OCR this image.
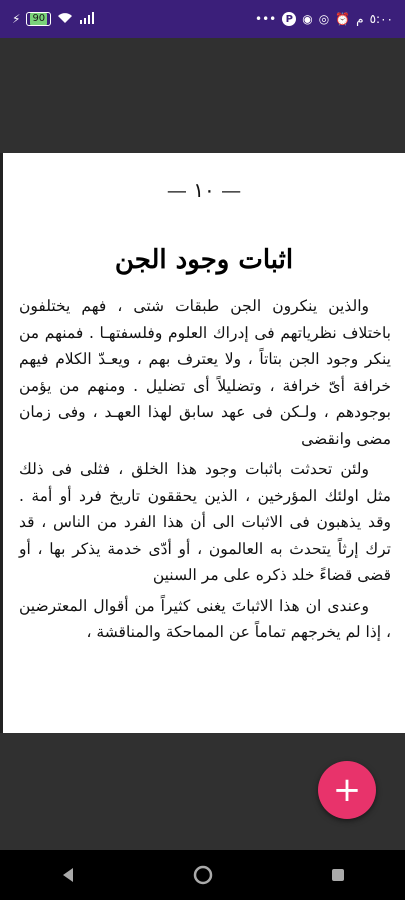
⚡ 90	••• P ◉ ◎ ⏰ م ٥:٠٠
— ١٠ —
اثبات وجود الجن

والذين ينكرون الجن طبقات شتى ، فهم يختلفون باختلاف نظرياتهم فى إدراك العلوم وفلسفتهـا . فمنهم من ينكر وجود الجن بتاتاً ، ولا يعترف بهم ، ويعـدّ الكلام فيهم خرافة أىّ خرافة ، وتضليلاً أى تضليل . ومنهم من يؤمن بوجودهم ، ولـكن فى عهد سابق لهذا العهـد ، وفى زمان مضى وانقضى

ولئن تحدثت باثبات وجود هذا الخلق ، فثلى فى ذلك مثل اولئك المؤرخين ، الذين يحققون تاريخ فرد أو أمة . وقد يذهبون فى الاثبات الى أن هذا الفرد من الناس ، قد ترك إرثاً يتحدث به العالمون ، أو أدّى خدمة يذكر بها ، أو قضى قضاءً خلد ذكره على مر السنين

وعندى ان هذا الاثباتَ يغنى كثيراً من أقوال المعترضين ، إذا لم يخرجهم تماماً عن المماحكة والمناقشة ،

+
